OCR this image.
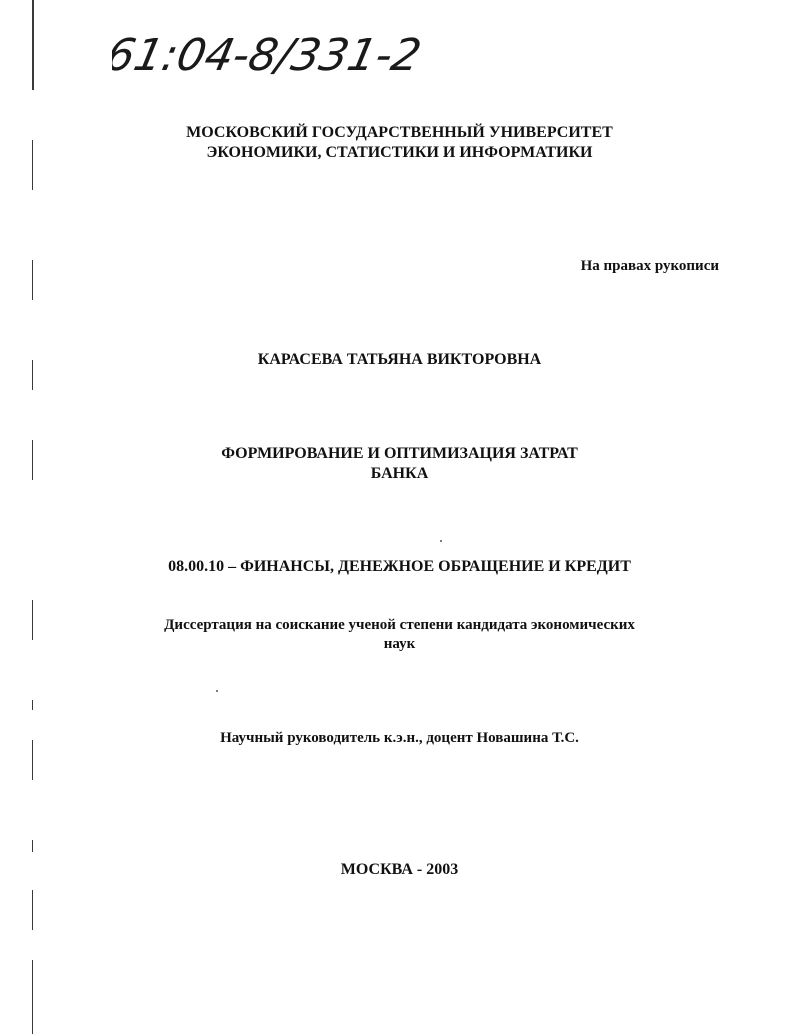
61:04-8/331-2
МОСКОВСКИЙ ГОСУДАРСТВЕННЫЙ УНИВЕРСИТЕТ
ЭКОНОМИКИ, СТАТИСТИКИ И ИНФОРМАТИКИ
На правах рукописи
КАРАСЕВА ТАТЬЯНА ВИКТОРОВНА
ФОРМИРОВАНИЕ И ОПТИМИЗАЦИЯ ЗАТРАТ
БАНКА
08.00.10 – ФИНАНСЫ, ДЕНЕЖНОЕ ОБРАЩЕНИЕ И КРЕДИТ
Диссертация на соискание ученой степени кандидата экономических
наук
Научный руководитель к.э.н., доцент Новашина Т.С.
МОСКВА - 2003
